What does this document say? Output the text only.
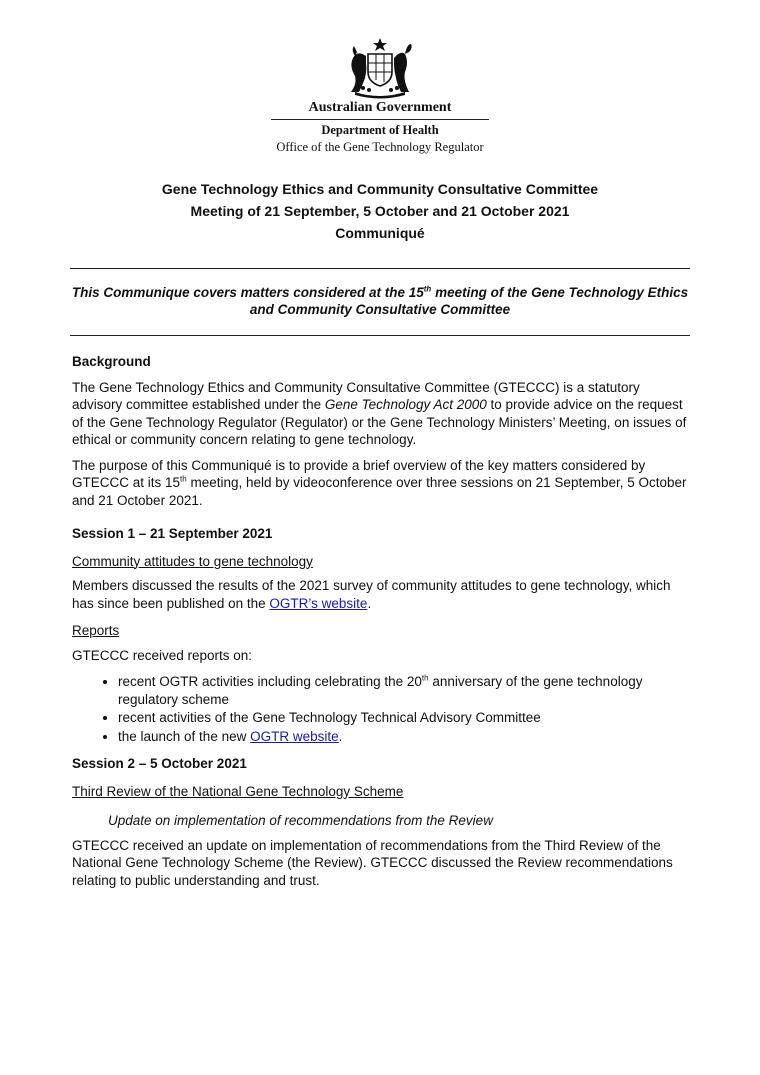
Australian Government
Department of Health
Office of the Gene Technology Regulator
Gene Technology Ethics and Community Consultative Committee
Meeting of 21 September, 5 October and 21 October 2021
Communiqué
This Communique covers matters considered at the 15th meeting of the Gene Technology Ethics and Community Consultative Committee
Background

The Gene Technology Ethics and Community Consultative Committee (GTECCC) is a statutory advisory committee established under the Gene Technology Act 2000 to provide advice on the request of the Gene Technology Regulator (Regulator) or the Gene Technology Ministers’ Meeting, on issues of ethical or community concern relating to gene technology.

The purpose of this Communiqué is to provide a brief overview of the key matters considered by GTECCC at its 15th meeting, held by videoconference over three sessions on 21 September, 5 October and 21 October 2021.

Session 1 – 21 September 2021
Community attitudes to gene technology

Members discussed the results of the 2021 survey of community attitudes to gene technology, which has since been published on the OGTR’s website.

Reports

GTECCC received reports on:

• recent OGTR activities including celebrating the 20th anniversary of the gene technology regulatory scheme
• recent activities of the Gene Technology Technical Advisory Committee
• the launch of the new OGTR website.
Session 2 – 5 October 2021
Third Review of the National Gene Technology Scheme
Update on implementation of recommendations from the Review

GTECCC received an update on implementation of recommendations from the Third Review of the National Gene Technology Scheme (the Review). GTECCC discussed the Review recommendations relating to public understanding and trust.
